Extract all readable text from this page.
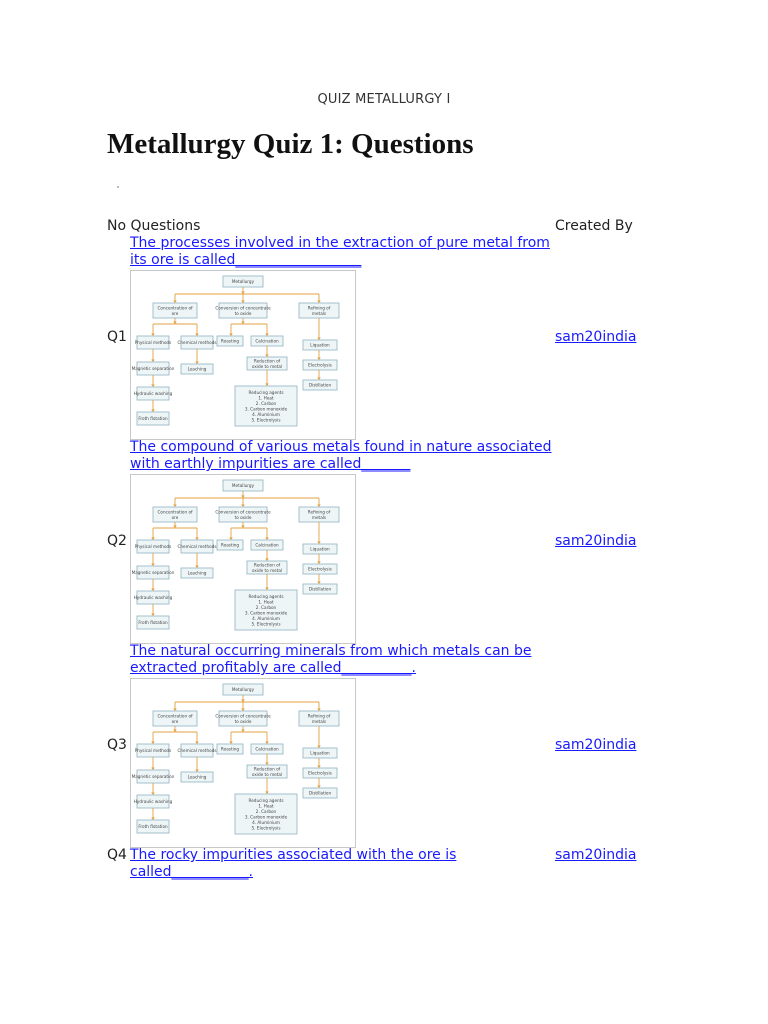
QUIZ METALLURGY I
Metallurgy Quiz 1: Questions
No Questions	Created By
The processes involved in the extraction of pure metal from
its ore is called__________________
Metallurgy
Concentration of
ore
Conversion of concentrate
to oxide
Refining of
metals
Physical methods Chemical methods
Magnetic separation	Leaching
Hydraulic washing
Froth flotation
Roasting	Calcination
Reduction of
oxide to metal
Reducing agents
1. Heat
2. Carbon
3. Carbon monoxide
4. Aluminium
5. Electrolysis
Liquation
Electrolysis
Distillation
Q1	sam20india
The compound of various metals found in nature associated
with earthly impurities are called_______
Metallurgy
Concentration of
ore
Conversion of concentrate
to oxide
Refining of
metals
Physical methods Chemical methods
Magnetic separation	Leaching
Hydraulic washing
Froth flotation
Roasting	Calcination
Reduction of
oxide to metal
Reducing agents
1. Heat
2. Carbon
3. Carbon monoxide
4. Aluminium
5. Electrolysis
Liquation
Electrolysis
Distillation
Q2	sam20india
The natural occurring minerals from which metals can be
extracted profitably are called__________.
Metallurgy
Concentration of
ore
Conversion of concentrate
to oxide
Refining of
metals
Physical methods Chemical methods
Magnetic separation	Leaching
Hydraulic washing
Froth flotation
Roasting	Calcination
Reduction of
oxide to metal
Reducing agents
1. Heat
2. Carbon
3. Carbon monoxide
4. Aluminium
5. Electrolysis
Liquation
Electrolysis
Distillation
Q3	sam20india
Q4 The rocky impurities associated with the ore is
called___________.
sam20india
